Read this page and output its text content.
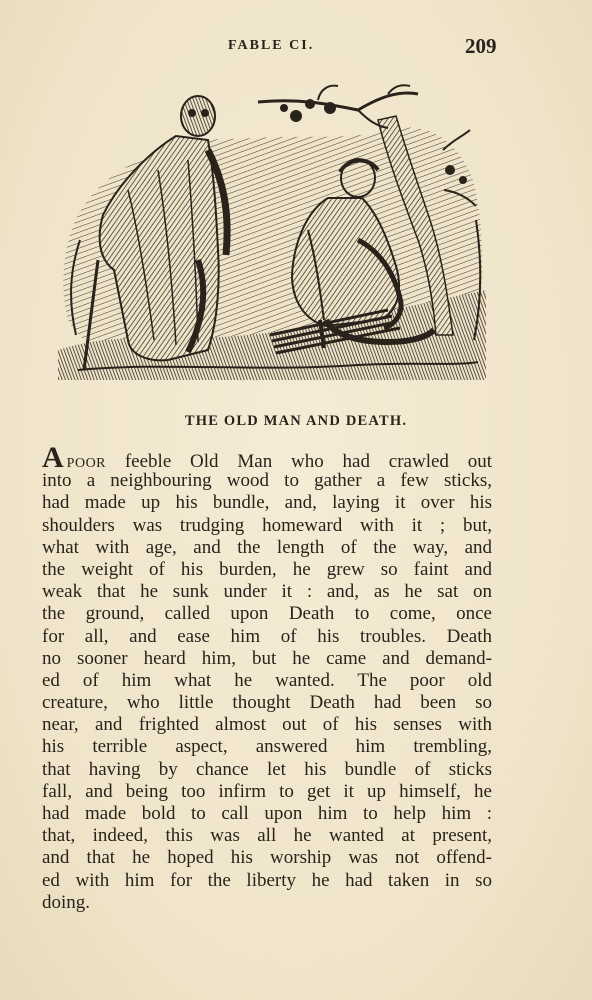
FABLE CI.	209
THE OLD MAN AND DEATH.
APOOR feeble Old Man who had crawled out
into a neighbouring wood to gather a few sticks,
had made up his bundle, and, laying it over his
shoulders was trudging homeward with it ; but,
what with age, and the length of the way, and
the weight of his burden, he grew so faint and
weak that he sunk under it : and, as he sat on
the ground, called upon Death to come, once
for all, and ease him of his troubles. Death
no sooner heard him, but he came and demand-
ed of him what he wanted. The poor old
creature, who little thought Death had been so
near, and frighted almost out of his senses with
his terrible aspect, answered him trembling,
that having by chance let his bundle of sticks
fall, and being too infirm to get it up himself, he
had made bold to call upon him to help him :
that, indeed, this was all he wanted at present,
and that he hoped his worship was not offend-
ed with him for the liberty he had taken in so
doing.
